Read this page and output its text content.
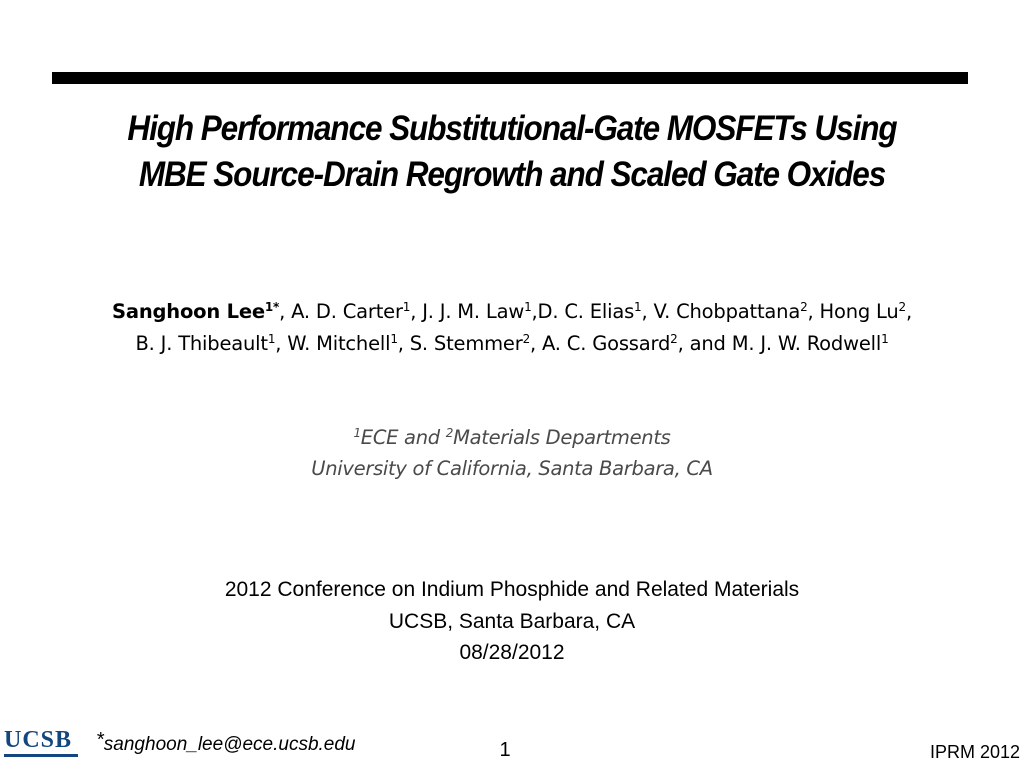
High Performance Substitutional-Gate MOSFETs Using
MBE Source-Drain Regrowth and Scaled Gate Oxides
Sanghoon Lee$^{1*}$, A. D. Carter$^1$, J. J. M. Law$^1$,D. C. Elias$^1$, V. Chobpattana$^2$, Hong Lu$^2$,
B. J. Thibeault$^1$, W. Mitchell$^1$, S. Stemmer$^2$, A. C. Gossard$^2$, and M. J. W. Rodwell$^1$
$^1$ECE and $^2$Materials Departments
University of California, Santa Barbara, CA
2012 Conference on Indium Phosphide and Related Materials
UCSB, Santa Barbara, CA
08/28/2012
UCSB	*sanghoon_lee@ece.ucsb.edu	1	IPRM 2012
